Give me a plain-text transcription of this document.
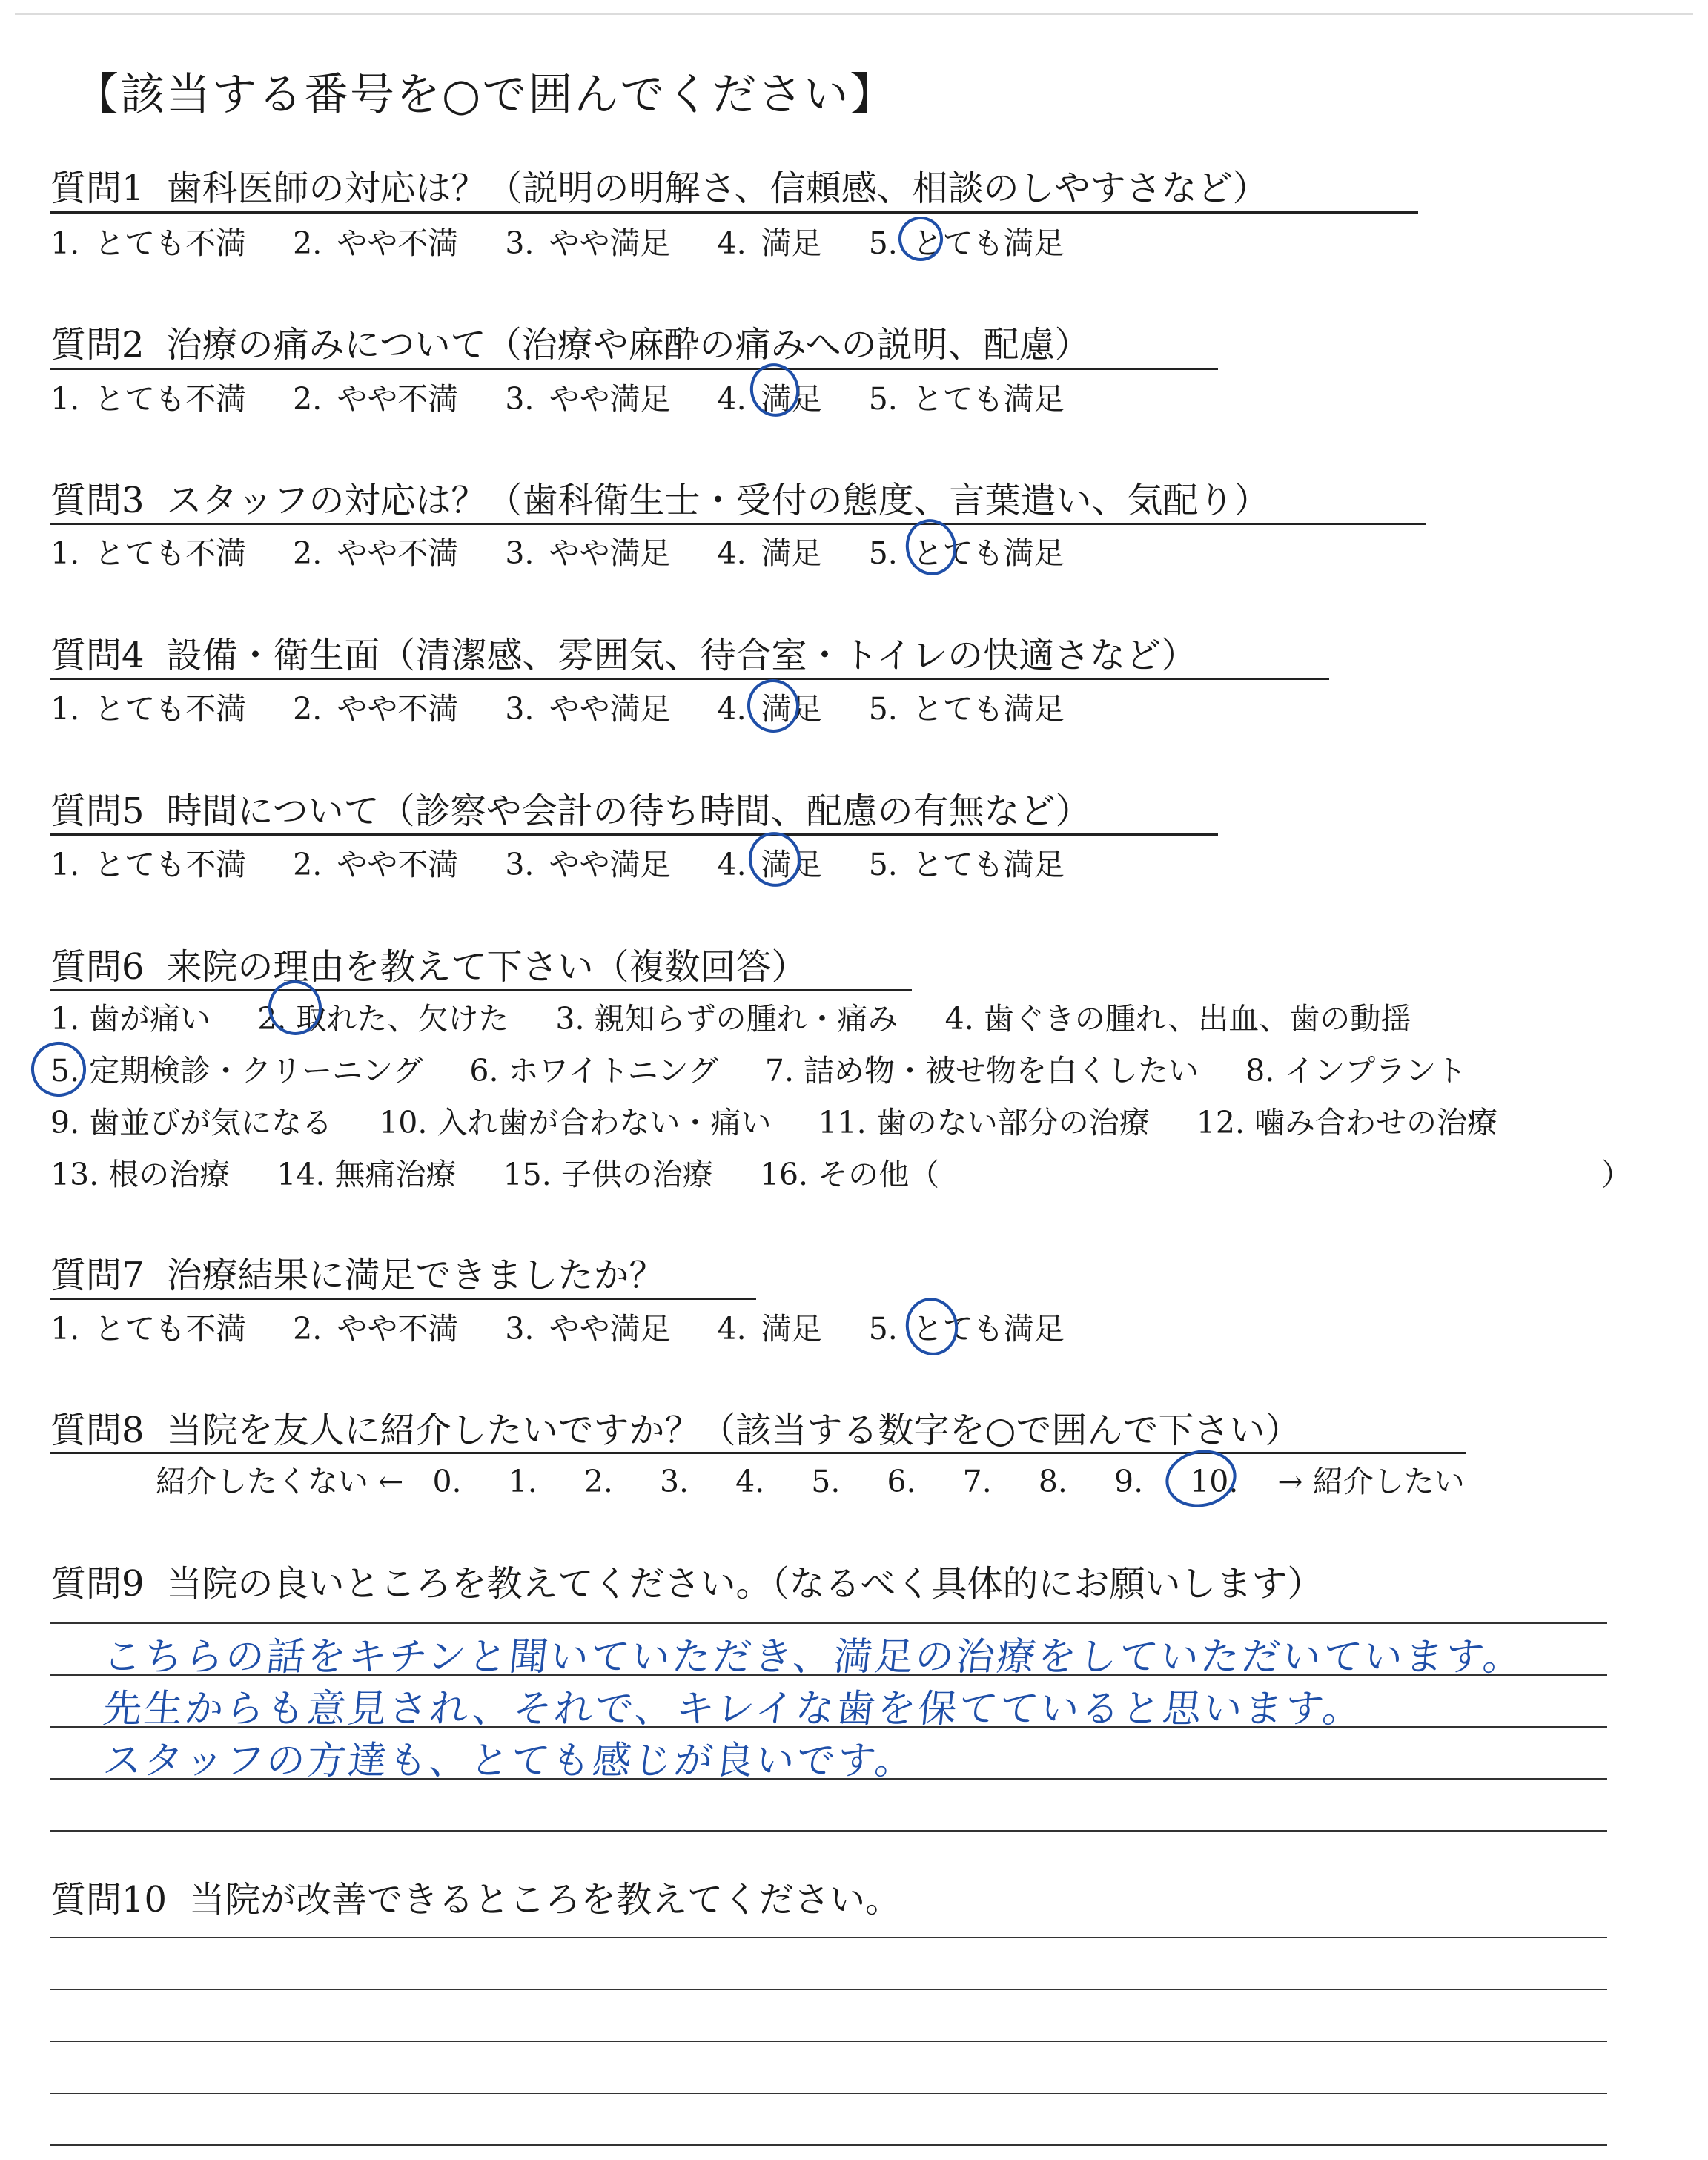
【該当する番号を○で囲んでください】
質問1 歯科医師の対応は？（説明の明解さ、信頼感、相談のしやすさなど）
1. とても不満 2. やや不満 3. やや満足 4. 満足 5. とても満足
質問2 治療の痛みについて（治療や麻酔の痛みへの説明、配慮）
1. とても不満 2. やや不満 3. やや満足 4. 満足 5. とても満足
質問3 スタッフの対応は？（歯科衛生士・受付の態度、言葉遣い、気配り）
1. とても不満 2. やや不満 3. やや満足 4. 満足 5. とても満足
質問4 設備・衛生面（清潔感、雰囲気、待合室・トイレの快適さなど）
1. とても不満 2. やや不満 3. やや満足 4. 満足 5. とても満足
質問5 時間について（診察や会計の待ち時間、配慮の有無など）
1. とても不満 2. やや不満 3. やや満足 4. 満足 5. とても満足
質問6 来院の理由を教えて下さい（複数回答）
1. 歯が痛い 2. 取れた、欠けた 3. 親知らずの腫れ・痛み 4. 歯ぐきの腫れ、出血、歯の動揺
5. 定期検診・クリーニング 6. ホワイトニング 7. 詰め物・被せ物を白くしたい 8. インプラント
9. 歯並びが気になる 10. 入れ歯が合わない・痛い 11. 歯のない部分の治療 12. 噛み合わせの治療
13. 根の治療 14. 無痛治療 15. 子供の治療 16. その他（	）
質問7 治療結果に満足できましたか？
1. とても不満 2. やや不満 3. やや満足 4. 満足 5. とても満足
質問8 当院を友人に紹介したいですか？（該当する数字を○で囲んで下さい）
紹介したくない ← 0. 1. 2. 3. 4. 5. 6. 7. 8. 9. 10. → 紹介したい
質問9 当院の良いところを教えてください。（なるべく具体的にお願いします）
こちらの話をキチンと聞いていただき、満足の治療をしていただいています。
先生からも意見され、それで、キレイな歯を保てていると思います。
スタッフの方達も、とても感じが良いです。
質問10 当院が改善できるところを教えてください。
